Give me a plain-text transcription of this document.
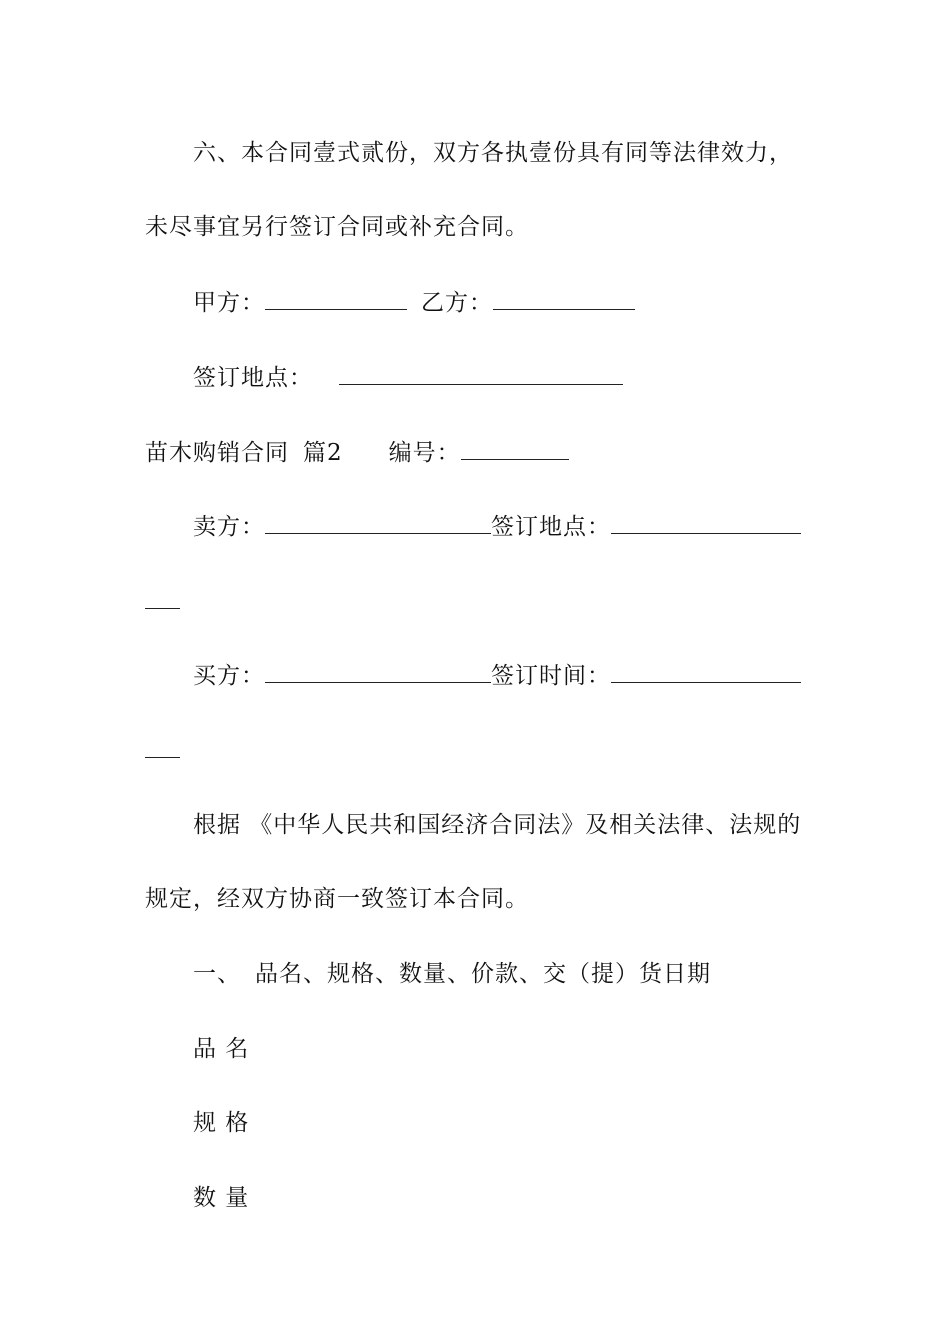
六、本合同壹式贰份，双方各执壹份具有同等法律效力，
未尽事宜另行签订合同或补充合同。
甲方：	乙方：
签订地点：
苗木购销合同 篇2 编号：
卖方：	签订地点：
买方：	签订时间：
根据 《中华人民共和国经济合同法》及相关法律、法规的
规定，经双方协商一致签订本合同。
一、 品名、规格、数量、价款、交（提）货日期
品 名
规 格
数 量
